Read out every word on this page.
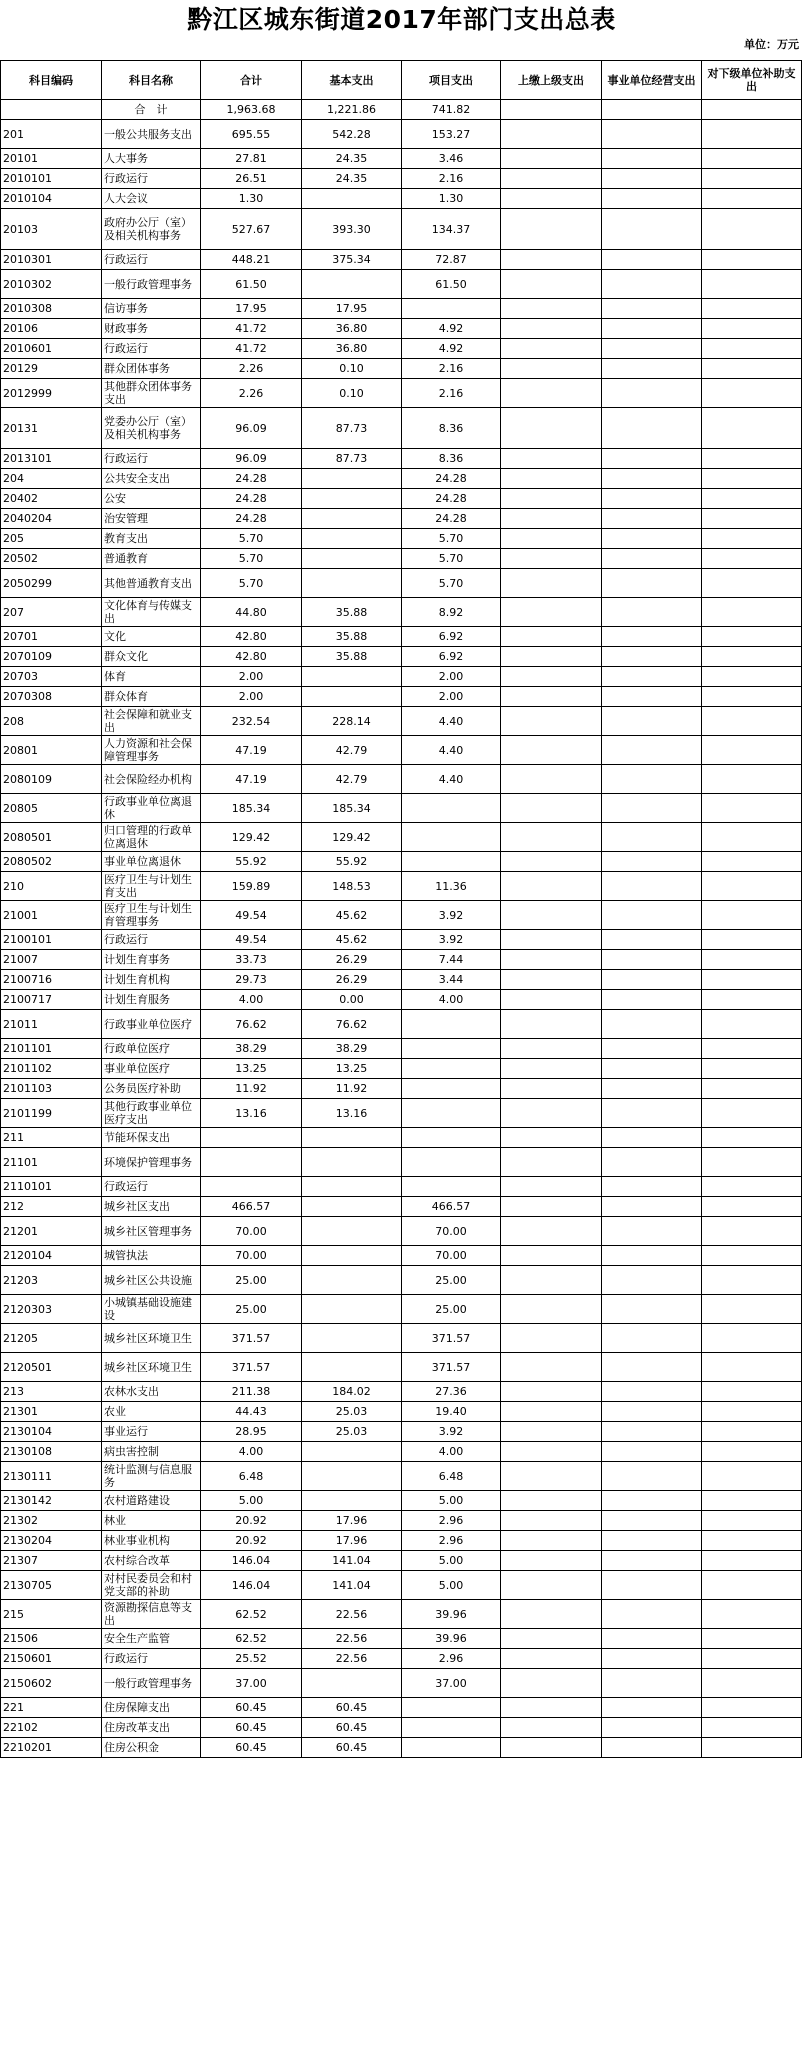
黔江区城东街道2017年部门支出总表
单位：万元
科目编码	科目名称	合计	基本支出	项目支出	上缴上级支出	事业单位经营支出	对下级单位补助支出
	合　计	1,963.68	1,221.86	741.82			
201	一般公共服务支出	695.55	542.28	153.27			
20101	人大事务	27.81	24.35	3.46			
2010101	行政运行	26.51	24.35	2.16			
2010104	人大会议	1.30		1.30			
20103	政府办公厅（室）及相关机构事务	527.67	393.30	134.37			
2010301	行政运行	448.21	375.34	72.87			
2010302	一般行政管理事务	61.50		61.50			
2010308	信访事务	17.95	17.95				
20106	财政事务	41.72	36.80	4.92			
2010601	行政运行	41.72	36.80	4.92			
20129	群众团体事务	2.26	0.10	2.16			
2012999	其他群众团体事务支出	2.26	0.10	2.16			
20131	党委办公厅（室）及相关机构事务	96.09	87.73	8.36			
2013101	行政运行	96.09	87.73	8.36			
204	公共安全支出	24.28		24.28			
20402	公安	24.28		24.28			
2040204	治安管理	24.28		24.28			
205	教育支出	5.70		5.70			
20502	普通教育	5.70		5.70			
2050299	其他普通教育支出	5.70		5.70			
207	文化体育与传媒支出	44.80	35.88	8.92			
20701	文化	42.80	35.88	6.92			
2070109	群众文化	42.80	35.88	6.92			
20703	体育	2.00		2.00			
2070308	群众体育	2.00		2.00			
208	社会保障和就业支出	232.54	228.14	4.40			
20801	人力资源和社会保障管理事务	47.19	42.79	4.40			
2080109	社会保险经办机构	47.19	42.79	4.40			
20805	行政事业单位离退休	185.34	185.34				
2080501	归口管理的行政单位离退休	129.42	129.42				
2080502	事业单位离退休	55.92	55.92				
210	医疗卫生与计划生育支出	159.89	148.53	11.36			
21001	医疗卫生与计划生育管理事务	49.54	45.62	3.92			
2100101	行政运行	49.54	45.62	3.92			
21007	计划生育事务	33.73	26.29	7.44			
2100716	计划生育机构	29.73	26.29	3.44			
2100717	计划生育服务	4.00	0.00	4.00			
21011	行政事业单位医疗	76.62	76.62				
2101101	行政单位医疗	38.29	38.29				
2101102	事业单位医疗	13.25	13.25				
2101103	公务员医疗补助	11.92	11.92				
2101199	其他行政事业单位医疗支出	13.16	13.16				
211	节能环保支出						
21101	环境保护管理事务						
2110101	行政运行						
212	城乡社区支出	466.57		466.57			
21201	城乡社区管理事务	70.00		70.00			
2120104	城管执法	70.00		70.00			
21203	城乡社区公共设施	25.00		25.00			
2120303	小城镇基础设施建设	25.00		25.00			
21205	城乡社区环境卫生	371.57		371.57			
2120501	城乡社区环境卫生	371.57		371.57			
213	农林水支出	211.38	184.02	27.36			
21301	农业	44.43	25.03	19.40			
2130104	事业运行	28.95	25.03	3.92			
2130108	病虫害控制	4.00		4.00			
2130111	统计监测与信息服务	6.48		6.48			
2130142	农村道路建设	5.00		5.00			
21302	林业	20.92	17.96	2.96			
2130204	林业事业机构	20.92	17.96	2.96			
21307	农村综合改革	146.04	141.04	5.00			
2130705	对村民委员会和村党支部的补助	146.04	141.04	5.00			
215	资源勘探信息等支出	62.52	22.56	39.96			
21506	安全生产监管	62.52	22.56	39.96			
2150601	行政运行	25.52	22.56	2.96			
2150602	一般行政管理事务	37.00		37.00			
221	住房保障支出	60.45	60.45				
22102	住房改革支出	60.45	60.45				
2210201	住房公积金	60.45	60.45				
